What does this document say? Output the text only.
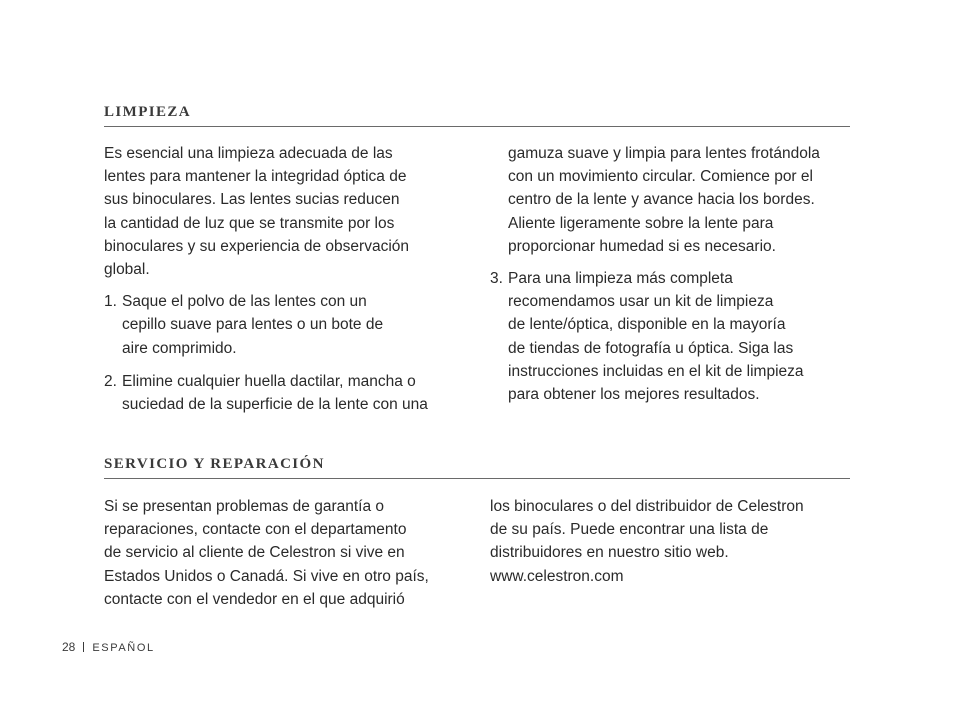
LIMPIEZA

Es esencial una limpieza adecuada de las
lentes para mantener la integridad óptica de
sus binoculares. Las lentes sucias reducen
la cantidad de luz que se transmite por los
binoculares y su experiencia de observación
global.

1. Saque el polvo de las lentes con un
cepillo suave para lentes o un bote de
aire comprimido.
2. Elimine cualquier huella dactilar, mancha o
suciedad de la superficie de la lente con una
gamuza suave y limpia para lentes frotándola
con un movimiento circular. Comience por el
centro de la lente y avance hacia los bordes.
Aliente ligeramente sobre la lente para
proporcionar humedad si es necesario.
3. Para una limpieza más completa
recomendamos usar un kit de limpieza
de lente/óptica, disponible en la mayoría
de tiendas de fotografía u óptica. Siga las
instrucciones incluidas en el kit de limpieza
para obtener los mejores resultados.
SERVICIO Y REPARACIÓN

Si se presentan problemas de garantía o
reparaciones, contacte con el departamento
de servicio al cliente de Celestron si vive en
Estados Unidos o Canadá. Si vive en otro país,
contacte con el vendedor en el que adquirió

los binoculares o del distribuidor de Celestron
de su país. Puede encontrar una lista de
distribuidores en nuestro sitio web.
www.celestron.com

28 ESPAÑOL
